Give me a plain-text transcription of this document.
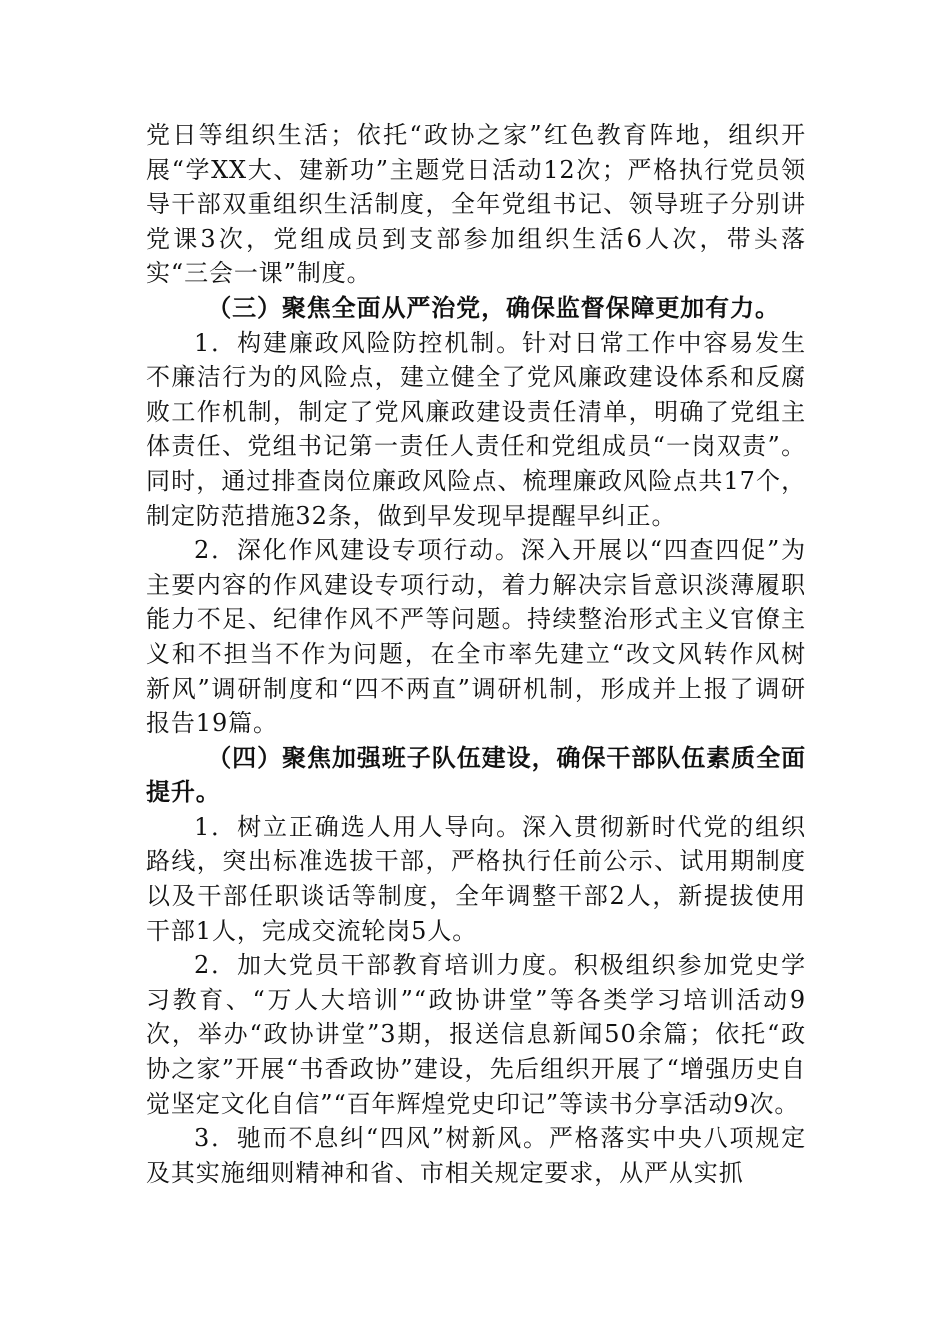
党日等组织生活；依托“政协之家”红色教育阵地，组织开展“学XX大、建新功”主题党日活动12次；严格执行党员领导干部双重组织生活制度，全年党组书记、领导班子分别讲党课3次，党组成员到支部参加组织生活6人次，带头落实“三会一课”制度。

（三）聚焦全面从严治党，确保监督保障更加有力。

1．构建廉政风险防控机制。针对日常工作中容易发生不廉洁行为的风险点，建立健全了党风廉政建设体系和反腐败工作机制，制定了党风廉政建设责任清单，明确了党组主体责任、党组书记第一责任人责任和党组成员“一岗双责”。同时，通过排查岗位廉政风险点、梳理廉政风险点共17个，制定防范措施32条，做到早发现早提醒早纠正。

2．深化作风建设专项行动。深入开展以“四查四促”为主要内容的作风建设专项行动，着力解决宗旨意识淡薄履职能力不足、纪律作风不严等问题。持续整治形式主义官僚主义和不担当不作为问题，在全市率先建立“改文风转作风树新风”调研制度和“四不两直”调研机制，形成并上报了调研报告19篇。

（四）聚焦加强班子队伍建设，确保干部队伍素质全面提升。

1．树立正确选人用人导向。深入贯彻新时代党的组织路线，突出标准选拔干部，严格执行任前公示、试用期制度以及干部任职谈话等制度，全年调整干部2人，新提拔使用干部1人，完成交流轮岗5人。

2．加大党员干部教育培训力度。积极组织参加党史学习教育、“万人大培训”“政协讲堂”等各类学习培训活动9次，举办“政协讲堂”3期，报送信息新闻50余篇；依托“政协之家”开展“书香政协”建设，先后组织开展了“增强历史自觉坚定文化自信”“百年辉煌党史印记”等读书分享活动9次。

3．驰而不息纠“四风”树新风。严格落实中央八项规定及其实施细则精神和省、市相关规定要求，从严从实抓
